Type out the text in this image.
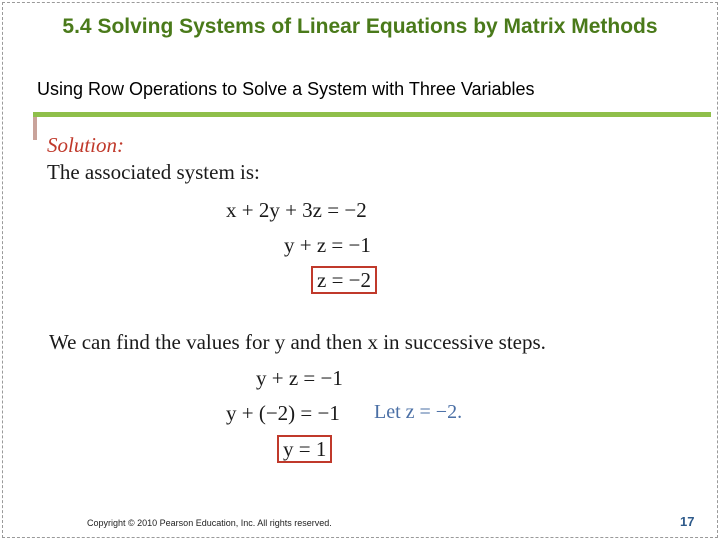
5.4 Solving Systems of Linear Equations by Matrix Methods
Using Row Operations to Solve a System with Three Variables
Solution:
The associated system is:
x + 2y + 3z = −2
y + z = −1
z = −2
We can find the values for y and then x in successive steps.
y + z = −1
y + (−2) = −1 Let z = −2.
y = 1
Copyright © 2010 Pearson Education, Inc. All rights reserved.	17
